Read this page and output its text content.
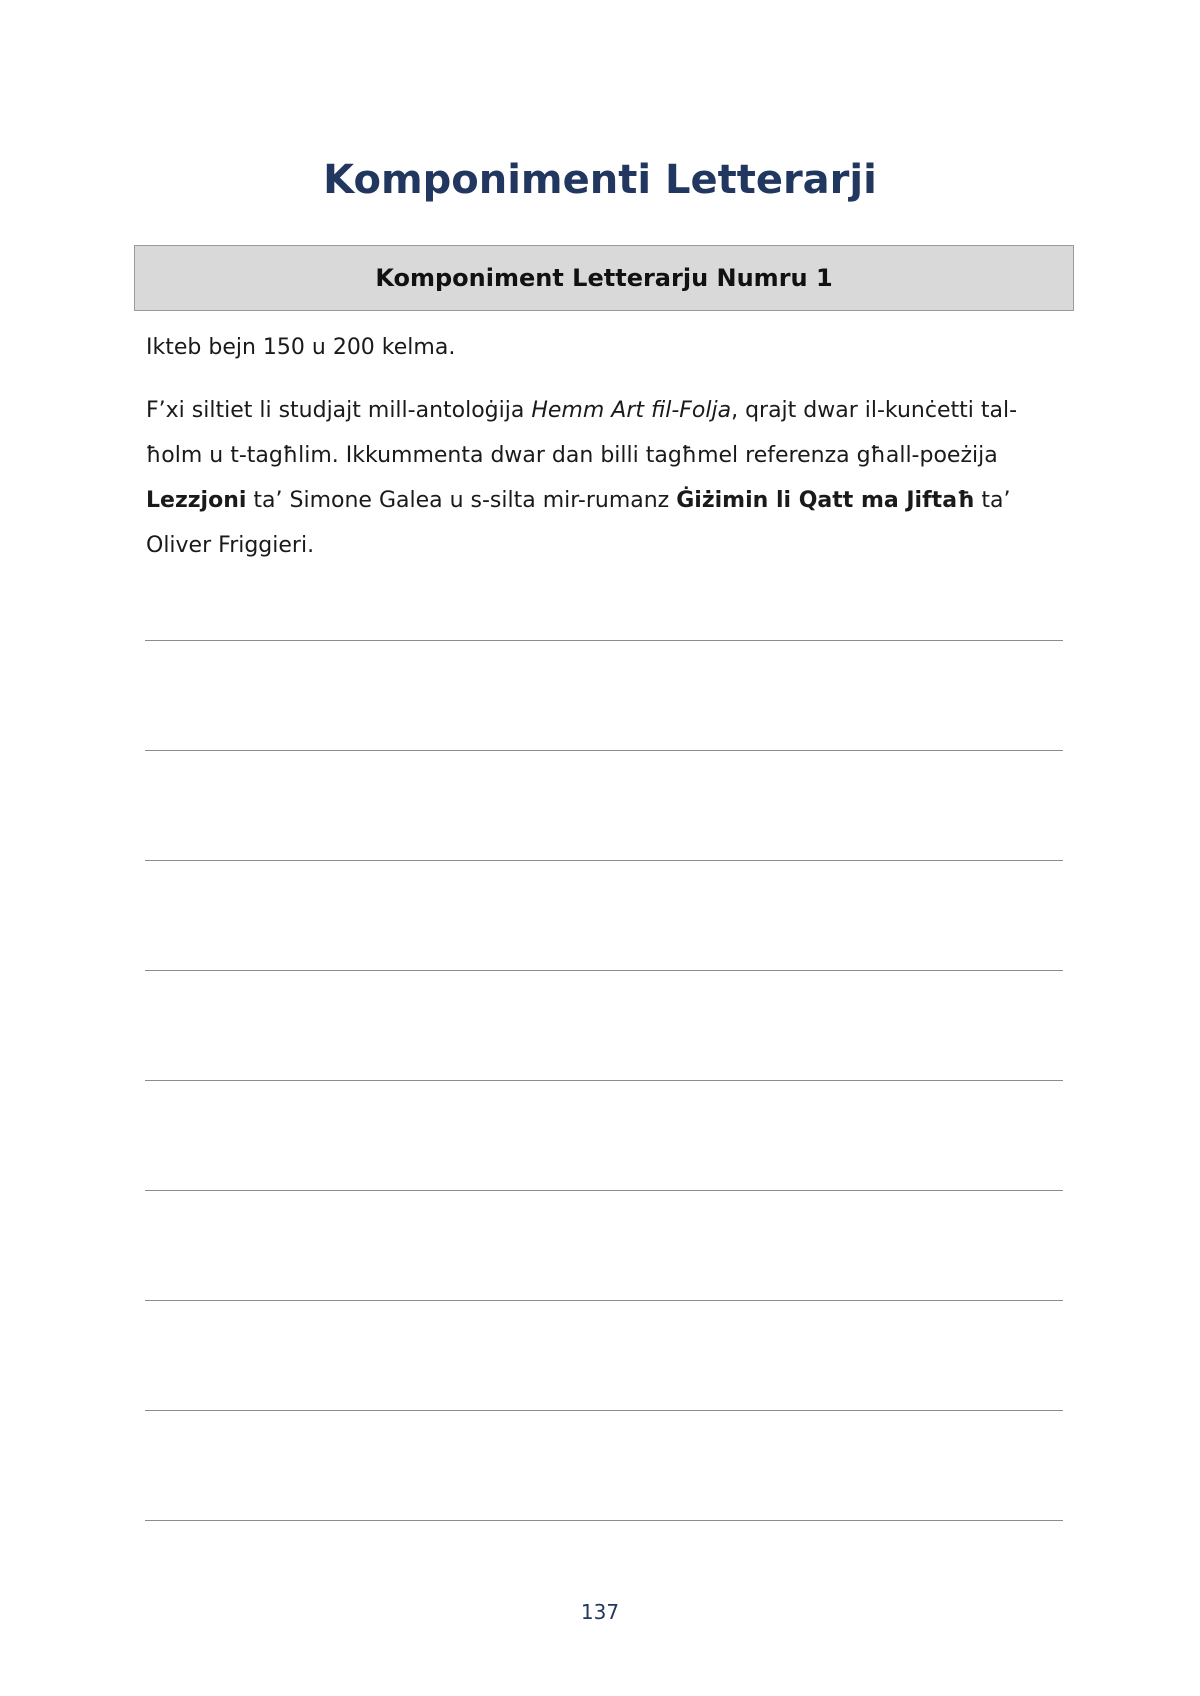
Komponimenti Letterarji
Komponiment Letterarju Numru 1
Ikteb bejn 150 u 200 kelma.

F’xi siltiet li studjajt mill-antoloġija Hemm Art fil-Folja, qrajt dwar il-kunċetti tal-ħolm u t-tagħlim. Ikkummenta dwar dan billi tagħmel referenza għall-poeżija Lezzjoni ta’ Simone Galea u s-silta mir-rumanz Ġiżimin li Qatt ma Jiftaħ ta’ Oliver Friggieri.

137
